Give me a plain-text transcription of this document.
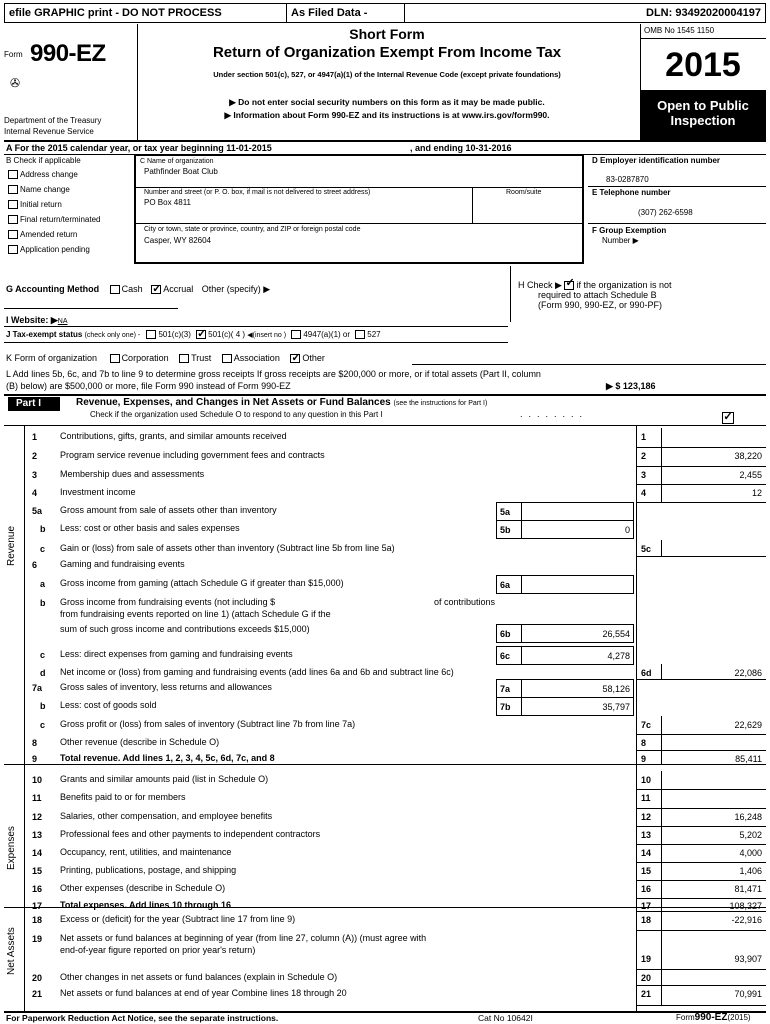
efile GRAPHIC print - DO NOT PROCESS	As Filed Data -	DLN: 93492020004197
Form 990-EZ
✇
Department of the Treasury
Internal Revenue Service
Short Form
Return of Organization Exempt From Income Tax
Under section 501(c), 527, or 4947(a)(1) of the Internal Revenue Code (except private foundations)
▶ Do not enter social security numbers on this form as it may be made public.
▶ Information about Form 990-EZ and its instructions is at www.irs.gov/form990.
OMB No 1545 1150
2015
Open to Public
Inspection
A For the 2015 calendar year, or tax year beginning 11-01-2015	, and ending 10-31-2016
B Check if applicable
Address change
Name change
Initial return
Final return/terminated
Amended return
Application pending
C Name of organization
Pathfinder Boat Club
Number and street (or P. O. box, if mail is not delivered to street address)	Room/suite
PO Box 4811
City or town, state or province, country, and ZIP or foreign postal code
Casper, WY 82604
D Employer identification number
83-0287870
E Telephone number
(307) 262-6598
F Group Exemption
Number ▶
G Accounting Method	Cash ✓ Accrual Other (specify) ▶	H Check ▶ ✓ if the organization is not
required to attach Schedule B
(Form 990, 990-EZ, or 990-PF)
I Website: ▶NA
J Tax-exempt status (check only one) - 501(c)(3) ✓ 501(c)( 4 ) ◀(insert no ) 4947(a)(1) or 527
K Form of organization	Corporation	Trust	Association ✓	Other
L Add lines 5b, 6c, and 7b to line 9 to determine gross receipts If gross receipts are $200,000 or more, or if total assets (Part II, column
(B) below) are $500,000 or more, file Form 990 instead of Form 990-EZ	▶ $ 123,186
Part I	Revenue, Expenses, and Changes in Net Assets or Fund Balances (see the instructions for Part I)
Check if the organization used Schedule O to respond to any question in this Part I	........	✓
Revenue
Expenses
Net Assets
1	Contributions, gifts, grants, and similar amounts received	1
2	Program service revenue including government fees and contracts	2	38,220
3	Membership dues and assessments	3	2,455
4	Investment income	4	12
5a Gross amount from sale of assets other than inventory	5a
b Less: cost or other basis and sales expenses	5b	0
c Gain or (loss) from sale of assets other than inventory (Subtract line 5b from line 5a)	5c
6	Gaming and fundraising events
a Gross income from gaming (attach Schedule G if greater than $15,000)	6a
b Gross income from fundraising events (not including $	of contributions
from fundraising events reported on line 1) (attach Schedule G if the
sum of such gross income and contributions exceeds $15,000)	6b	26,554
c Less: direct expenses from gaming and fundraising events	6c	4,278
d Net income or (loss) from gaming and fundraising events (add lines 6a and 6b and subtract line 6c)	6d	22,086
7a Gross sales of inventory, less returns and allowances	7a	58,126
b Less: cost of goods sold	7b	35,797
c Gross profit or (loss) from sales of inventory (Subtract line 7b from line 7a)	7c	22,629
8	Other revenue (describe in Schedule O)	8
9	Total revenue. Add lines 1, 2, 3, 4, 5c, 6d, 7c, and 8	9	85,411
10 Grants and similar amounts paid (list in Schedule O)	10
11 Benefits paid to or for members	11
12 Salaries, other compensation, and employee benefits	12	16,248
13 Professional fees and other payments to independent contractors	13	5,202
14 Occupancy, rent, utilities, and maintenance	14	4,000
15 Printing, publications, postage, and shipping	15	1,406
16 Other expenses (describe in Schedule O)	16	81,471
17 Total expenses. Add lines 10 through 16	17	108,327
18 Excess or (deficit) for the year (Subtract line 17 from line 9)	18	-22,916
19 Net assets or fund balances at beginning of year (from line 27, column (A)) (must agree with
end-of-year figure reported on prior year's return)
19	93,907
20 Other changes in net assets or fund balances (explain in Schedule O)	20
21 Net assets or fund balances at end of year Combine lines 18 through 20	21	70,991
For Paperwork Reduction Act Notice, see the separate instructions.	Cat No 10642I	Form990-EZ(2015)
